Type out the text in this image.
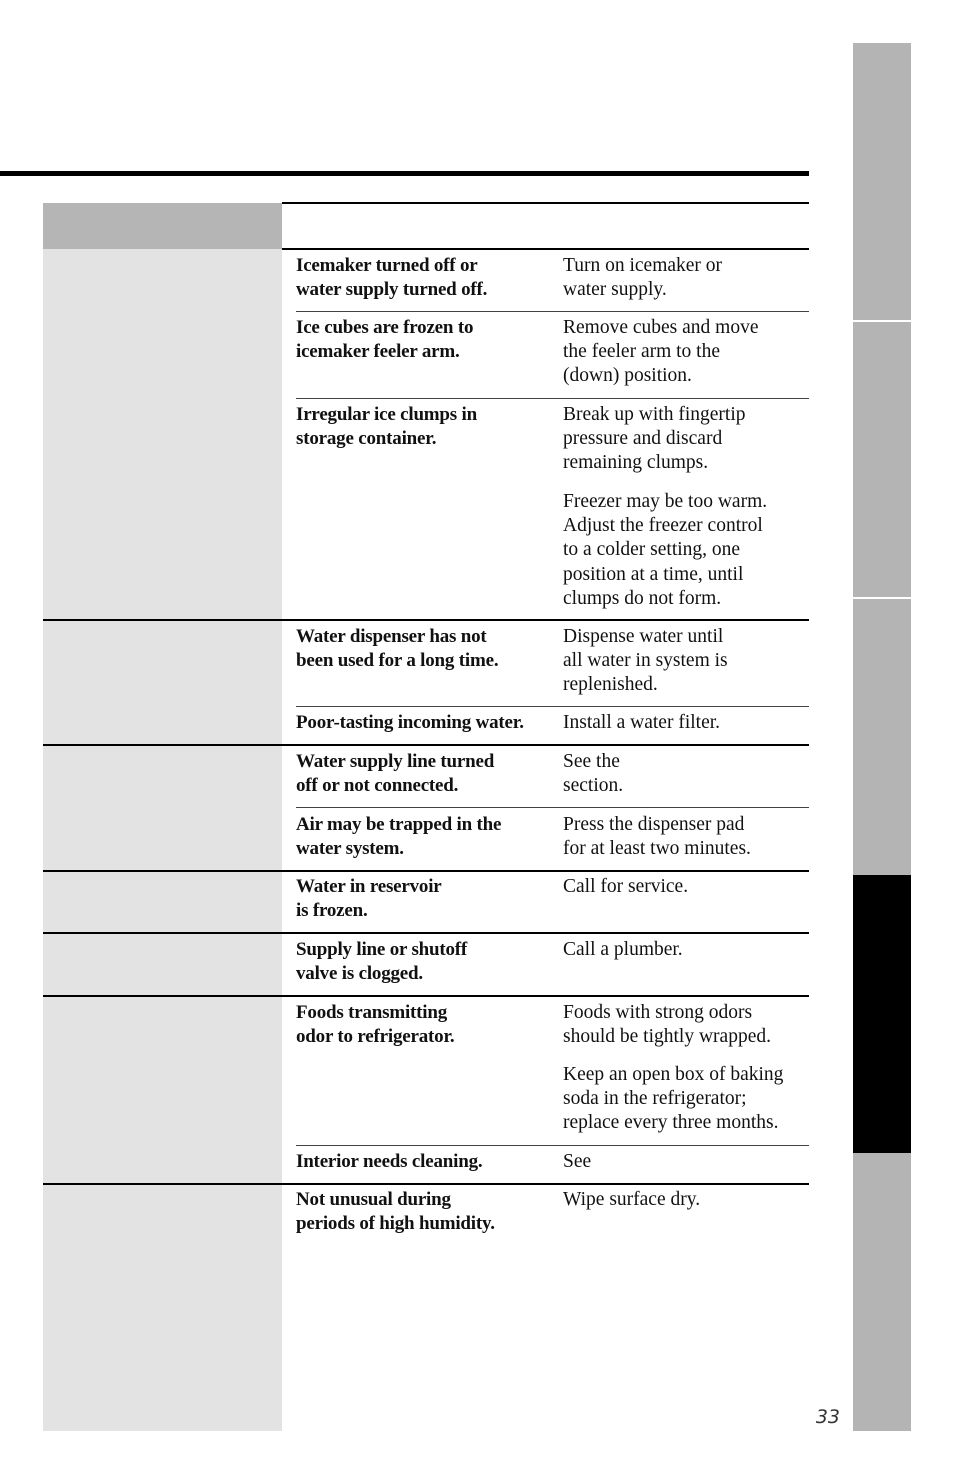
Icemaker turned off or
water supply turned off.
Turn on icemaker or
water supply.
Ice cubes are frozen to
icemaker feeler arm.
Remove cubes and move
the feeler arm to the
(down) position.
Irregular ice clumps in
storage container.
Break up with fingertip
pressure and discard
remaining clumps.
Freezer may be too warm.
Adjust the freezer control
to a colder setting, one
position at a time, until
clumps do not form.
Water dispenser has not
been used for a long time.
Dispense water until
all water in system is
replenished.
Poor-tasting incoming water.	Install a water filter.
Water supply line turned
off or not connected.
See the
section.
Air may be trapped in the
water system.
Press the dispenser pad
for at least two minutes.
Water in reservoir
is frozen.
Call for service.
Supply line or shutoff
valve is clogged.
Call a plumber.
Foods transmitting
odor to refrigerator.
Foods with strong odors
should be tightly wrapped.
Keep an open box of baking
soda in the refrigerator;
replace every three months.
Interior needs cleaning.	See
Not unusual during
periods of high humidity.
Wipe surface dry.
33
